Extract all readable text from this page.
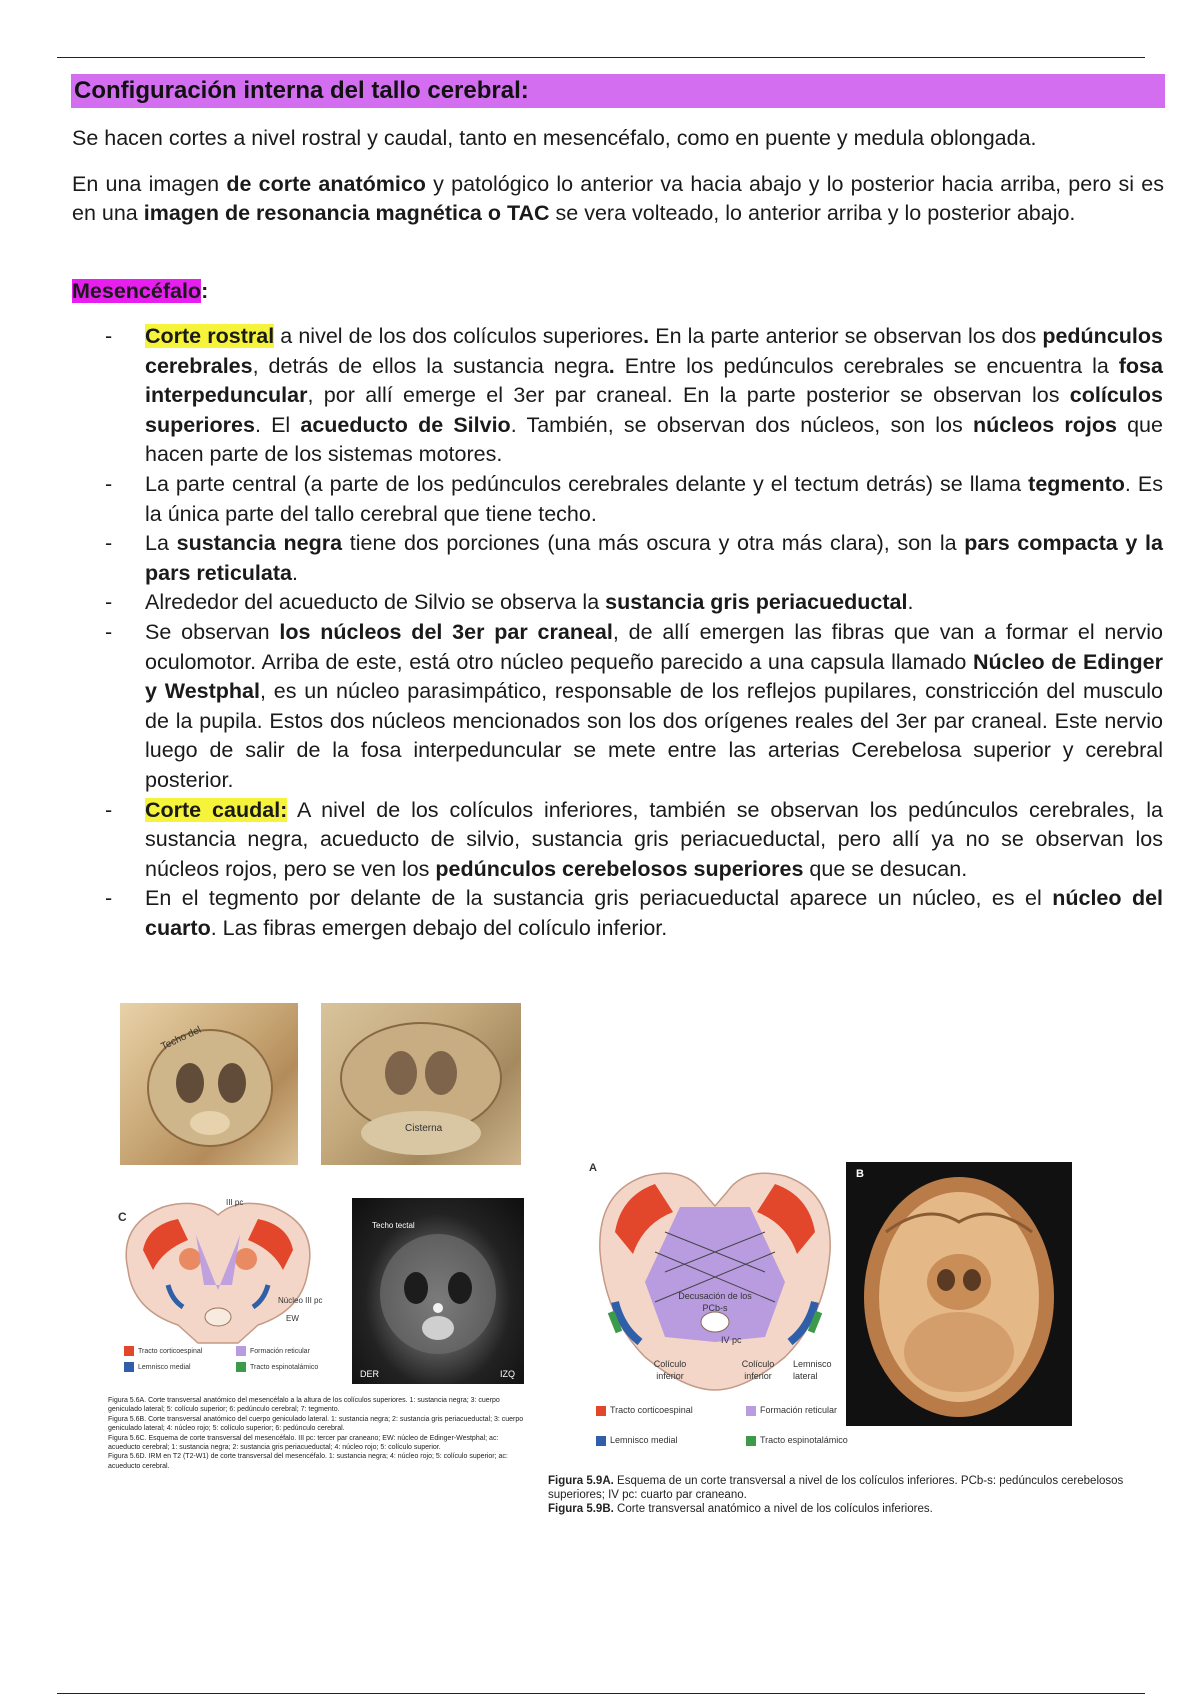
Configuración interna del tallo cerebral:
Se hacen cortes a nivel rostral y caudal, tanto en mesencéfalo, como en puente y medula oblongada.
En una imagen de corte anatómico y patológico lo anterior va hacia abajo y lo posterior hacia arriba, pero si es en una imagen de resonancia magnética o TAC se vera volteado, lo anterior arriba y lo posterior abajo.
Mesencéfalo:
- Corte rostral a nivel de los dos colículos superiores. En la parte anterior se observan los dos pedúnculos cerebrales, detrás de ellos la sustancia negra. Entre los pedúnculos cerebrales se encuentra la fosa interpeduncular, por allí emerge el 3er par craneal. En la parte posterior se observan los colículos superiores. El acueducto de Silvio. También, se observan dos núcleos, son los núcleos rojos que hacen parte de los sistemas motores.
- La parte central (a parte de los pedúnculos cerebrales delante y el tectum detrás) se llama tegmento. Es la única parte del tallo cerebral que tiene techo.
- La sustancia negra tiene dos porciones (una más oscura y otra más clara), son la pars compacta y la pars reticulata.
- Alrededor del acueducto de Silvio se observa la sustancia gris periacueductal.
- Se observan los núcleos del 3er par craneal, de allí emergen las fibras que van a formar el nervio oculomotor. Arriba de este, está otro núcleo pequeño parecido a una capsula llamado Núcleo de Edinger y Westphal, es un núcleo parasimpático, responsable de los reflejos pupilares, constricción del musculo de la pupila. Estos dos núcleos mencionados son los dos orígenes reales del 3er par craneal. Este nervio luego de salir de la fosa interpeduncular se mete entre las arterias Cerebelosa superior y cerebral posterior.
- Corte caudal: A nivel de los colículos inferiores, también se observan los pedúnculos cerebrales, la sustancia negra, acueducto de silvio, sustancia gris periacueductal, pero allí ya no se observan los núcleos rojos, pero se ven los pedúnculos cerebelosos superiores que se desucan.
- En el tegmento por delante de la sustancia gris periacueductal aparece un núcleo, es el núcleo del cuarto. Las fibras emergen debajo del colículo inferior.
Techo del
Cisterna
C
III pc
Núcleo III pc
EW
Tracto corticoespinal	Formación reticular
Lemnisco medial	Tracto espinotalámico
Techo tectal
DER	IZQ
Figura 5.6A. Corte transversal anatómico del mesencéfalo a la altura de los colículos superiores. 1: sustancia negra; 3: cuerpo geniculado lateral; 5: colículo superior; 6: pedúnculo cerebral; 7: tegmento.
Figura 5.6B. Corte transversal anatómico del cuerpo geniculado lateral. 1: sustancia negra; 2: sustancia gris periacueductal; 3: cuerpo geniculado lateral; 4: núcleo rojo; 5: colículo superior; 6: pedúnculo cerebral.
Figura 5.6C. Esquema de corte transversal del mesencéfalo. III pc: tercer par craneano; EW: núcleo de Edinger-Westphal; ac: acueducto cerebral; 1: sustancia negra; 2: sustancia gris periacueductal; 4: núcleo rojo; 5: colículo superior.
Figura 5.6D. IRM en T2 (T2-W1) de corte transversal del mesencéfalo. 1: sustancia negra; 4: núcleo rojo; 5: colículo superior; ac: acueducto cerebral.
A
Decusación de los PCb-s
IV pc
Colículo inferior
Colículo inferior
Lemnisco lateral
Tracto corticoespinal	Formación reticular
Lemnisco medial	Tracto espinotalámico
B
Figura 5.9A. Esquema de un corte transversal a nivel de los colículos inferiores. PCb-s: pedúnculos cerebelosos superiores; IV pc: cuarto par craneano.
Figura 5.9B. Corte transversal anatómico a nivel de los colículos inferiores.
